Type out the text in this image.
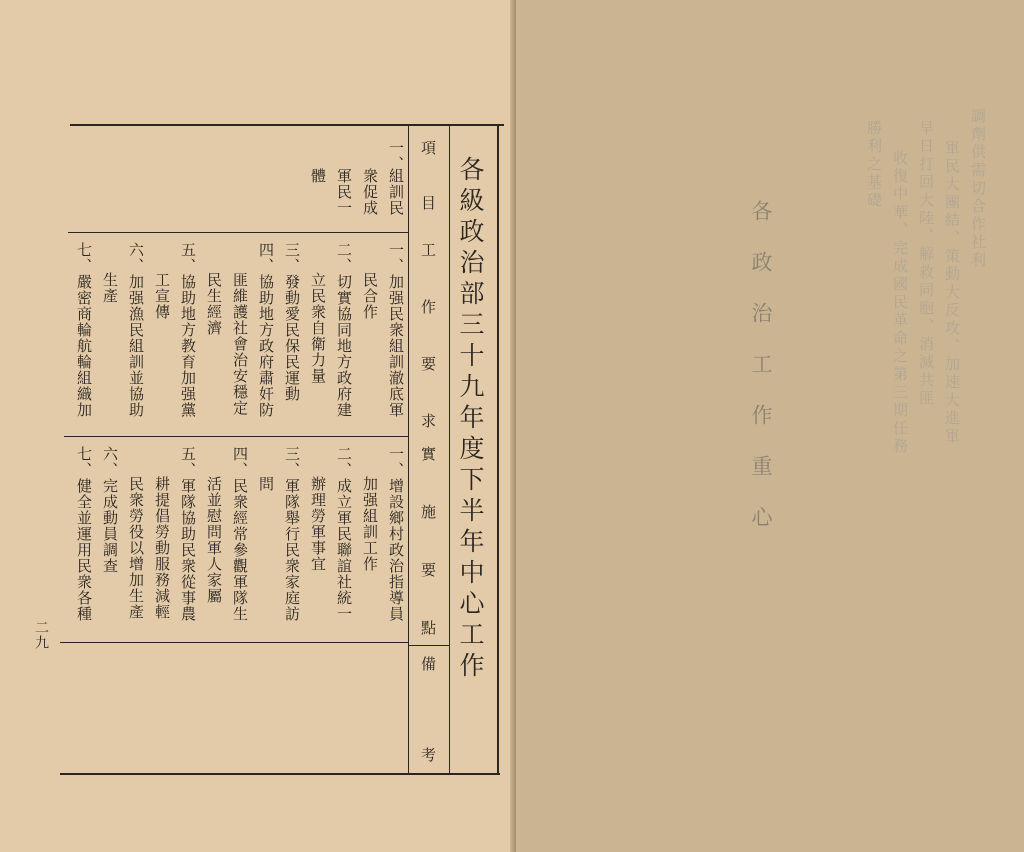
各級政治部三十九年度下半年中心工作
項目
工作要求
實施要點
備考
一、
組訓民
衆促成
軍民一
體
一、加强民衆組訓澈底軍
民合作
二、切實協同地方政府建
立民衆自衛力量
三、發動愛民保民運動
四、協助地方政府肅奸防
匪維護社會治安穩定
民生經濟
五、協助地方教育加强黨
工宣傳
六、加强漁民組訓並協助
生產
七、嚴密商輪航輪組織加
一、增設鄉村政治指導員
加强組訓工作
二、成立軍民聯誼社統一
辦理勞軍事宜
三、軍隊舉行民衆家庭訪
問
四、民衆經常參觀軍隊生
活並慰問軍人家屬
五、軍隊協助民衆從事農
耕提倡勞動服務減輕
民衆勞役以增加生產
六、完成動員調查
七、健全並運用民衆各種
二九
各政治工作重心
調劑供需切合作社利
軍民大團結、策動大反攻、加速大進軍
早日打回大陸、解救同胞、消滅共匪
收復中華、完成國民革命之第三期任務
勝利之基礎
